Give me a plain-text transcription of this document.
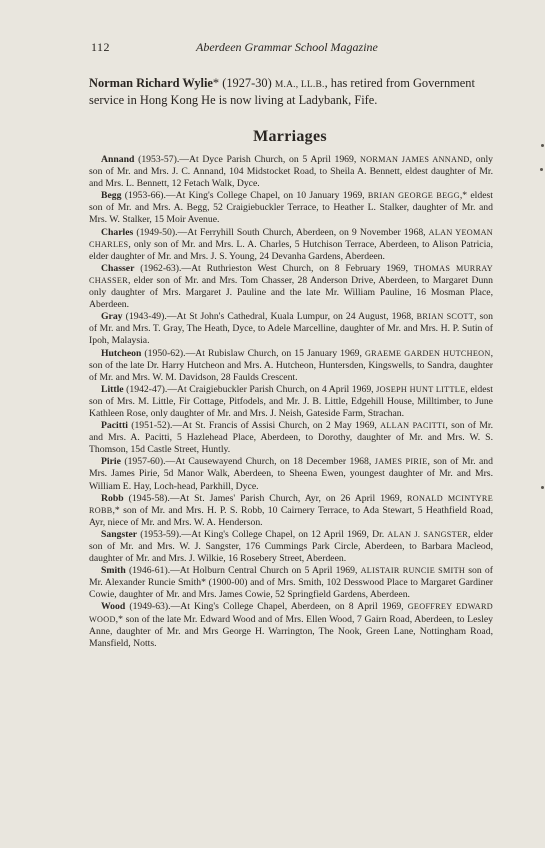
112	Aberdeen Grammar School Magazine

Norman Richard Wylie* (1927-30) M.A., LL.B., has retired from Government service in Hong Kong He is now living at Ladybank, Fife.

Marriages

Annand (1953-57).—At Dyce Parish Church, on 5 April 1969, NORMAN JAMES ANNAND, only son of Mr. and Mrs. J. C. Annand, 104 Midstocket Road, to Sheila A. Bennett, eldest daughter of Mr. and Mrs. L. Bennett, 12 Fetach Walk, Dyce.

Begg (1953-66).—At King's College Chapel, on 10 January 1969, BRIAN GEORGE BEGG,* eldest son of Mr. and Mrs. A. Begg, 52 Craigiebuckler Terrace, to Heather L. Stalker, daughter of Mr. and Mrs. W. Stalker, 15 Moir Avenue.

Charles (1949-50).—At Ferryhill South Church, Aberdeen, on 9 November 1968, ALAN YEOMAN CHARLES, only son of Mr. and Mrs. L. A. Charles, 5 Hutchison Terrace, Aberdeen, to Alison Patricia, elder daughter of Mr. and Mrs. J. S. Young, 24 Devanha Gardens, Aberdeen.

Chasser (1962-63).—At Ruthrieston West Church, on 8 February 1969, THOMAS MURRAY CHASSER, elder son of Mr. and Mrs. Tom Chasser, 28 Anderson Drive, Aberdeen, to Margaret Dunn only daughter of Mrs. Margaret J. Pauline and the late Mr. William Pauline, 16 Mosman Place, Aberdeen.

Gray (1943-49).—At St John's Cathedral, Kuala Lumpur, on 24 August, 1968, BRIAN SCOTT, son of Mr. and Mrs. T. Gray, The Heath, Dyce, to Adele Marcelline, daughter of Mr. and Mrs. H. P. Sutin of Ipoh, Malaysia.

Hutcheon (1950-62).—At Rubislaw Church, on 15 January 1969, GRAEME GARDEN HUTCHEON, son of the late Dr. Harry Hutcheon and Mrs. A. Hutcheon, Huntersden, Kingswells, to Sandra, daughter of Mr. and Mrs. W. M. Davidson, 28 Faulds Crescent.

Little (1942-47).—At Craigiebuckler Parish Church, on 4 April 1969, JOSEPH HUNT LITTLE, eldest son of Mrs. M. Little, Fir Cottage, Pitfodels, and Mr. J. B. Little, Edgehill House, Milltimber, to June Kathleen Rose, only daughter of Mr. and Mrs. J. Neish, Gateside Farm, Strachan.

Pacitti (1951-52).—At St. Francis of Assisi Church, on 2 May 1969, ALLAN PACITTI, son of Mr. and Mrs. A. Pacitti, 5 Hazlehead Place, Aberdeen, to Dorothy, daughter of Mr. and Mrs. W. S. Thomson, 15d Castle Street, Huntly.

Pirie (1957-60).—At Causewayend Church, on 18 December 1968, JAMES PIRIE, son of Mr. and Mrs. James Pirie, 5d Manor Walk, Aberdeen, to Sheena Ewen, youngest daughter of Mr. and Mrs. William E. Hay, Loch-head, Parkhill, Dyce.

Robb (1945-58).—At St. James' Parish Church, Ayr, on 26 April 1969, RONALD MCINTYRE ROBB,* son of Mr. and Mrs. H. P. S. Robb, 10 Cairnery Terrace, to Ada Stewart, 5 Heathfield Road, Ayr, niece of Mr. and Mrs. W. A. Henderson.

Sangster (1953-59).—At King's College Chapel, on 12 April 1969, Dr. ALAN J. SANGSTER, elder son of Mr. and Mrs. W. J. Sangster, 176 Cummings Park Circle, Aberdeen, to Barbara Macleod, daughter of Mr. and Mrs. J. Wilkie, 16 Rosebery Street, Aberdeen.

Smith (1946-61).—At Holburn Central Church on 5 April 1969, ALISTAIR RUNCIE SMITH son of Mr. Alexander Runcie Smith* (1900-00) and of Mrs. Smith, 102 Desswood Place to Margaret Gardiner Cowie, daughter of Mr. and Mrs. James Cowie, 52 Springfield Gardens, Aberdeen.

Wood (1949-63).—At King's College Chapel, Aberdeen, on 8 April 1969, GEOFFREY EDWARD WOOD,* son of the late Mr. Edward Wood and of Mrs. Ellen Wood, 7 Gairn Road, Aberdeen, to Lesley Anne, daughter of Mr. and Mrs George H. Warrington, The Nook, Green Lane, Nottingham Road, Mansfield, Notts.
